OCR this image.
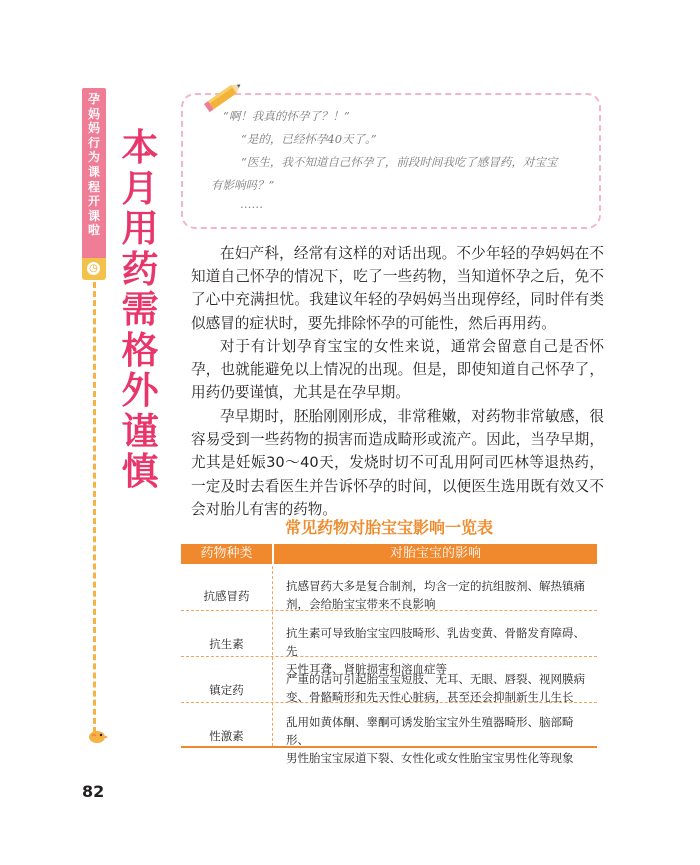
孕
妈
妈
行
为
课
程
开
课
啦
◷
本
月
用
药
需
格
外
谨
慎
“啊！我真的怀孕了？！”
“是的，已经怀孕40天了。”
“医生，我不知道自己怀孕了，前段时间我吃了感冒药，对宝宝
有影响吗？”
……

在妇产科，经常有这样的对话出现。不少年轻的孕妈妈在不知道自己怀孕的情况下，吃了一些药物，当知道怀孕之后，免不了心中充满担忧。我建议年轻的孕妈妈当出现停经，同时伴有类似感冒的症状时，要先排除怀孕的可能性，然后再用药。

对于有计划孕育宝宝的女性来说，通常会留意自己是否怀孕，也就能避免以上情况的出现。但是，即使知道自己怀孕了，用药仍要谨慎，尤其是在孕早期。

孕早期时，胚胎刚刚形成，非常稚嫩，对药物非常敏感，很容易受到一些药物的损害而造成畸形或流产。因此，当孕早期，尤其是妊娠30～40天，发烧时切不可乱用阿司匹林等退热药，一定及时去看医生并告诉怀孕的时间，以便医生选用既有效又不会对胎儿有害的药物。

常见药物对胎宝宝影响一览表
药物种类	对胎宝宝的影响
抗感冒药
抗感冒药大多是复合制剂，均含一定的抗组胺剂、解热镇痛
剂，会给胎宝宝带来不良影响
抗生素
抗生素可导致胎宝宝四肢畸形、乳齿变黄、骨骼发育障碍、先
天性耳聋、肾脏损害和溶血症等
镇定药
严重的话可引起胎宝宝短肢、无耳、无眼、唇裂、视网膜病
变、骨骼畸形和先天性心脏病，甚至还会抑制新生儿生长
性激素
乱用如黄体酮、睾酮可诱发胎宝宝外生殖器畸形、脑部畸形、
男性胎宝宝尿道下裂、女性化或女性胎宝宝男性化等现象
82
